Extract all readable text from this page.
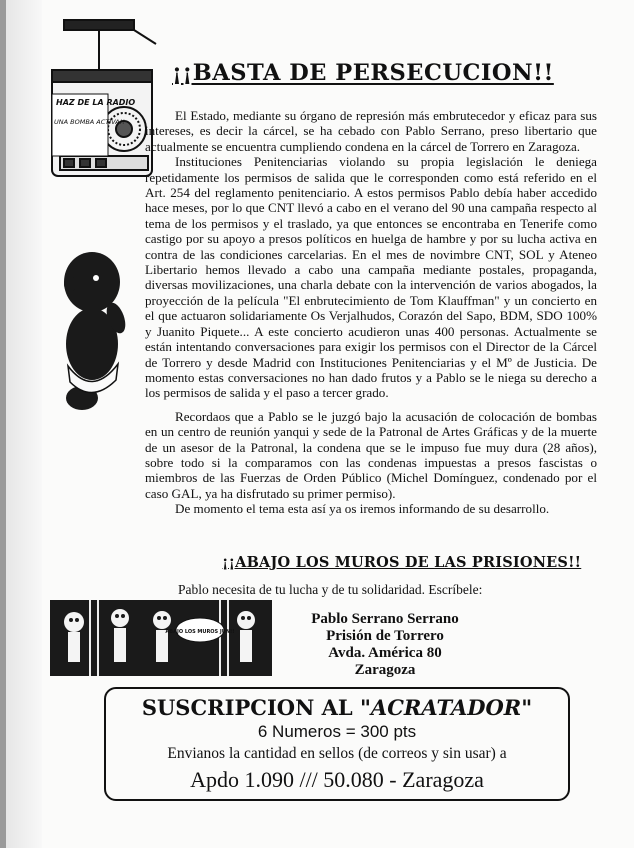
HAZ DE LA RADIO
UNA BOMBA ACTIVA!!
¡¡BASTA DE PERSECUCION!!

El Estado, mediante su órgano de represión más embrutecedor y eficaz para sus intereses, es decir la cárcel, se ha cebado con Pablo Serrano, preso libertario que actualmente se encuentra cumpliendo condena en la cárcel de Torrero en Zaragoza.

Instituciones Penitenciarias violando su propia legislación le deniega repetidamente los permisos de salida que le corresponden como está referido en el Art. 254 del reglamento penitenciario. A estos permisos Pablo debía haber accedido hace meses, por lo que CNT llevó a cabo en el verano del 90 una campaña respecto al tema de los permisos y el traslado, ya que entonces se encontraba en Tenerife como castigo por su apoyo a presos políticos en huelga de hambre y por su lucha activa en contra de las condiciones carcelarias. En el mes de novimbre CNT, SOL y Ateneo Libertario hemos llevado a cabo una campaña mediante postales, propaganda, diversas movilizaciones, una charla debate con la intervención de varios abogados, la proyección de la película "El enbrutecimiento de Tom Klauffman" y un concierto en el que actuaron solidariamente Os Verjalhudos, Corazón del Sapo, BDM, SDO 100% y Juanito Piquete... A este concierto acudieron unas 400 personas. Actualmente se están intentando conversaciones para exigir los permisos con el Director de la Cárcel de Torrero y desde Madrid con Instituciones Penitenciarias y el Mº de Justicia. De momento estas conversaciones no han dado frutos y a Pablo se le niega su derecho a los permisos de salida y el paso a tercer grado.

Recordaos que a Pablo se le juzgó bajo la acusación de colocación de bombas en un centro de reunión yanqui y sede de la Patronal de Artes Gráficas y de la muerte de un asesor de la Patronal, la condena que se le impuso fue muy dura (28 años), sobre todo si la comparamos con las condenas impuestas a presos fascistas o miembros de las Fuerzas de Orden Público (Michel Domínguez, condenado por el caso GAL, ya ha disfrutado su primer permiso).

De momento el tema esta así ya os iremos informando de su desarrollo.

¡¡ABAJO LOS MUROS DE LAS PRISIONES!!
Pablo necesita de tu lucha y de tu solidaridad. Escríbele:
ABAJO LOS MUROS JUN!!
Pablo Serrano Serrano
Prisión de Torrero
Avda. América 80
Zaragoza
SUSCRIPCION AL "ACRATADOR"
6 Numeros = 300 pts
Envianos la cantidad en sellos (de correos y sin usar) a
Apdo 1.090 /// 50.080 - Zaragoza
